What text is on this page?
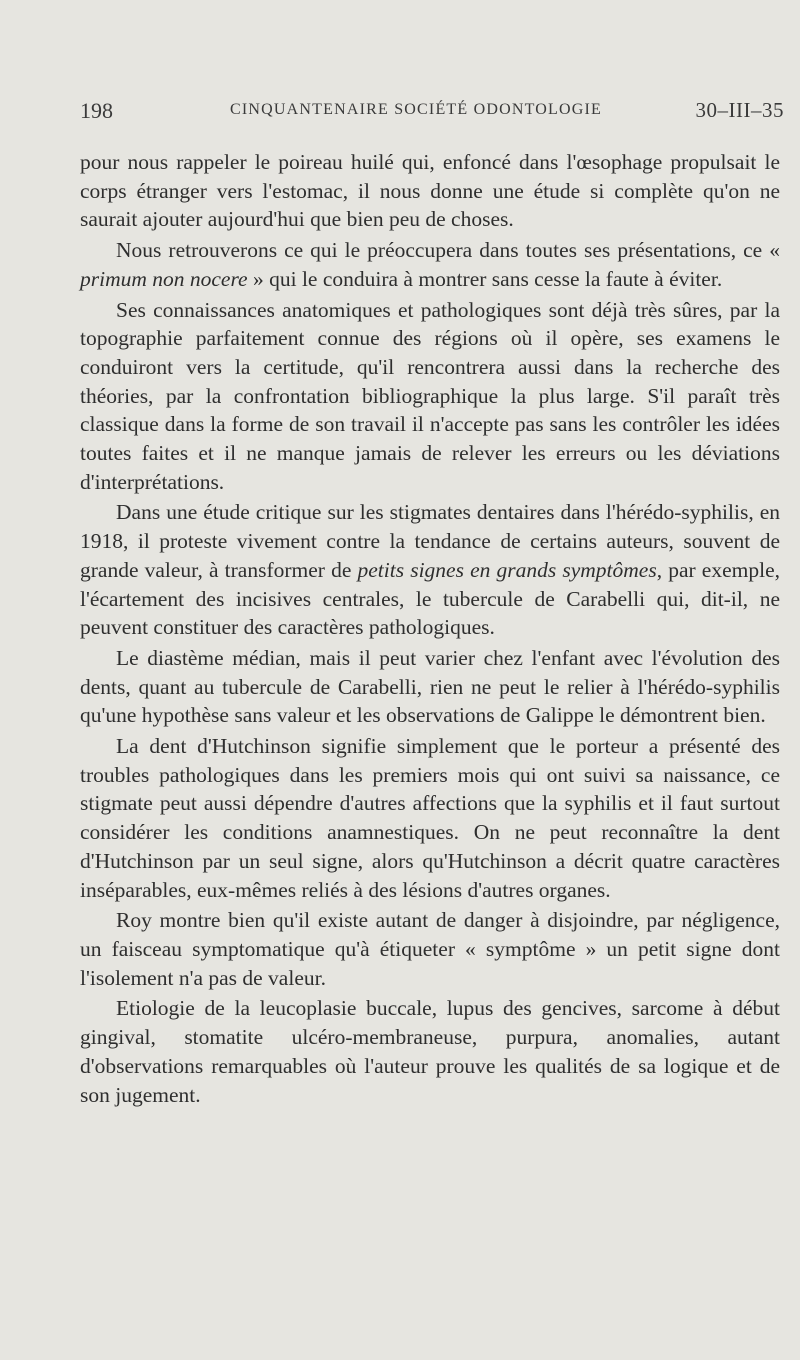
198	CINQUANTENAIRE SOCIÉTÉ ODONTOLOGIE	30–III–35

pour nous rappeler le poireau huilé qui, enfoncé dans l'œsophage propulsait le corps étranger vers l'estomac, il nous donne une étude si complète qu'on ne saurait ajouter aujourd'hui que bien peu de choses.

Nous retrouverons ce qui le préoccupera dans toutes ses présentations, ce « primum non nocere » qui le conduira à montrer sans cesse la faute à éviter.

Ses connaissances anatomiques et pathologiques sont déjà très sûres, par la topographie parfaitement connue des régions où il opère, ses examens le conduiront vers la certitude, qu'il rencontrera aussi dans la recherche des théories, par la confrontation bibliographique la plus large. S'il paraît très classique dans la forme de son travail il n'accepte pas sans les contrôler les idées toutes faites et il ne manque jamais de relever les erreurs ou les déviations d'interprétations.

Dans une étude critique sur les stigmates dentaires dans l'hérédo-syphilis, en 1918, il proteste vivement contre la tendance de certains auteurs, souvent de grande valeur, à transformer de petits signes en grands symptômes, par exemple, l'écartement des incisives centrales, le tubercule de Carabelli qui, dit-il, ne peuvent constituer des caractères pathologiques.

Le diastème médian, mais il peut varier chez l'enfant avec l'évolution des dents, quant au tubercule de Carabelli, rien ne peut le relier à l'hérédo-syphilis qu'une hypothèse sans valeur et les observations de Galippe le démontrent bien.

La dent d'Hutchinson signifie simplement que le porteur a présenté des troubles pathologiques dans les premiers mois qui ont suivi sa naissance, ce stigmate peut aussi dépendre d'autres affections que la syphilis et il faut surtout considérer les conditions anamnestiques. On ne peut reconnaître la dent d'Hutchinson par un seul signe, alors qu'Hutchinson a décrit quatre caractères inséparables, eux-mêmes reliés à des lésions d'autres organes.

Roy montre bien qu'il existe autant de danger à disjoindre, par négligence, un faisceau symptomatique qu'à étiqueter « symptôme » un petit signe dont l'isolement n'a pas de valeur.

Etiologie de la leucoplasie buccale, lupus des gencives, sarcome à début gingival, stomatite ulcéro-membraneuse, purpura, anomalies, autant d'observations remarquables où l'auteur prouve les qualités de sa logique et de son jugement.
